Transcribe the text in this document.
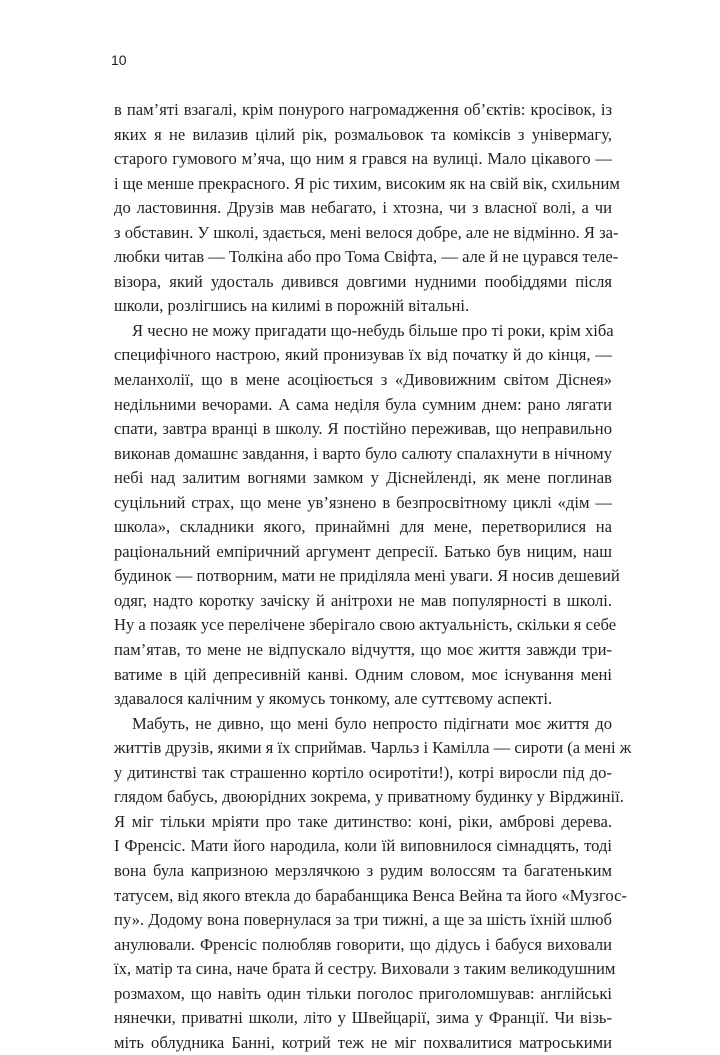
10
в пам’яті взагалі, крім понурого нагромадження об’єктів: кросівок, із
яких я не вилазив цілий рік, розмальовок та коміксів з універмагу,
старого гумового м’яча, що ним я грався на вулиці. Мало цікавого —
і ще менше прекрасного. Я ріс тихим, високим як на свій вік, схильним
до ластовиння. Друзів мав небагато, і хтозна, чи з власної волі, а чи
з обставин. У школі, здається, мені велося добре, але не відмінно. Я за-
любки читав — Толкіна або про Тома Свіфта, — але й не цурався теле-
візора, який удосталь дивився довгими нудними пообіддями після
школи, розлігшись на килимі в порожній вітальні.
Я чесно не можу пригадати що-небудь більше про ті роки, крім хіба
специфічного настрою, який пронизував їх від початку й до кінця, —
меланхолії, що в мене асоціюється з «Дивовижним світом Діснея»
недільними вечорами. А сама неділя була сумним днем: рано лягати
спати, завтра вранці в школу. Я постійно переживав, що неправильно
виконав домашнє завдання, і варто було салюту спалахнути в нічному
небі над залитим вогнями замком у Діснейленді, як мене поглинав
суцільний страх, що мене ув’язнено в безпросвітному циклі «дім —
школа», складники якого, принаймні для мене, перетворилися на
раціональний емпіричний аргумент депресії. Батько був ницим, наш
будинок — потворним, мати не приділяла мені уваги. Я носив дешевий
одяг, надто коротку зачіску й анітрохи не мав популярності в школі.
Ну а позаяк усе перелічене зберігало свою актуальність, скільки я себе
пам’ятав, то мене не відпускало відчуття, що моє життя завжди три-
ватиме в цій депресивній канві. Одним словом, моє існування мені
здавалося калічним у якомусь тонкому, але суттєвому аспекті.
Мабуть, не дивно, що мені було непросто підігнати моє життя до
життів друзів, якими я їх сприймав. Чарльз і Камілла — сироти (а мені ж
у дитинстві так страшенно кортіло осиротіти!), котрі виросли під до-
глядом бабусь, двоюрідних зокрема, у приватному будинку у Вірджинії.
Я міг тільки мріяти про таке дитинство: коні, ріки, амброві дерева.
І Френсіс. Мати його народила, коли їй виповнилося сімнадцять, тоді
вона була капризною мерзлячкою з рудим волоссям та багатеньким
татусем, від якого втекла до барабанщика Венса Вейна та його «Музгос-
пу». Додому вона повернулася за три тижні, а ще за шість їхній шлюб
анулювали. Френсіс полюбляв говорити, що дідусь і бабуся виховали
їх, матір та сина, наче брата й сестру. Виховали з таким великодушним
розмахом, що навіть один тільки поголос приголомшував: англійські
нянечки, приватні школи, літо у Швейцарії, зима у Франції. Чи візь-
міть облудника Банні, котрий теж не міг похвалитися матроськими
